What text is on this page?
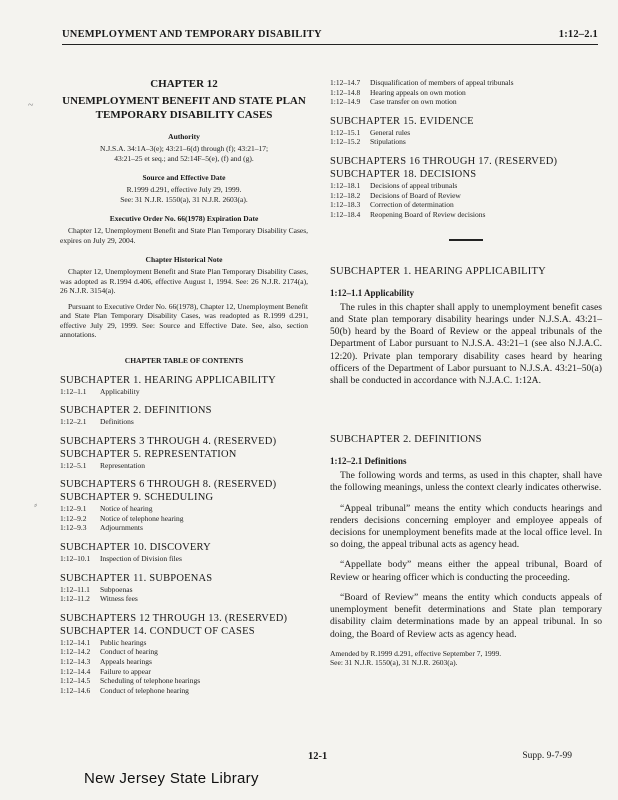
UNEMPLOYMENT AND TEMPORARY DISABILITY	1:12–2.1

CHAPTER 12

UNEMPLOYMENT BENEFIT AND STATE PLAN
TEMPORARY DISABILITY CASES

Authority

N.J.S.A. 34:1A–3(e); 43:21–6(d) through (f); 43:21–17;
43:21–25 et seq.; and 52:14F–5(e), (f) and (g).

Source and Effective Date

R.1999 d.291, effective July 29, 1999.
See: 31 N.J.R. 1550(a), 31 N.J.R. 2603(a).

Executive Order No. 66(1978) Expiration Date

Chapter 12, Unemployment Benefit and State Plan Temporary Disability Cases, expires on July 29, 2004.

Chapter Historical Note

Chapter 12, Unemployment Benefit and State Plan Temporary Disability Cases, was adopted as R.1994 d.406, effective August 1, 1994. See: 26 N.J.R. 2174(a), 26 N.J.R. 3154(a).

Pursuant to Executive Order No. 66(1978), Chapter 12, Unemployment Benefit and State Plan Temporary Disability Cases, was readopted as R.1999 d.291, effective July 29, 1999. See: Source and Effective Date. See, also, section annotations.

CHAPTER TABLE OF CONTENTS

SUBCHAPTER 1. HEARING APPLICABILITY

1:12–1.1	Applicability

SUBCHAPTER 2. DEFINITIONS

1:12–2.1	Definitions

SUBCHAPTERS 3 THROUGH 4. (RESERVED)

SUBCHAPTER 5. REPRESENTATION

1:12–5.1	Representation

SUBCHAPTERS 6 THROUGH 8. (RESERVED)

SUBCHAPTER 9. SCHEDULING

1:12–9.1	Notice of hearing
1:12–9.2	Notice of telephone hearing
1:12–9.3	Adjournments

SUBCHAPTER 10. DISCOVERY

1:12–10.1	Inspection of Division files

SUBCHAPTER 11. SUBPOENAS

1:12–11.1	Subpoenas
1:12–11.2	Witness fees

SUBCHAPTERS 12 THROUGH 13. (RESERVED)

SUBCHAPTER 14. CONDUCT OF CASES

1:12–14.1	Public hearings
1:12–14.2	Conduct of hearing
1:12–14.3	Appeals hearings
1:12–14.4	Failure to appear
1:12–14.5	Scheduling of telephone hearings
1:12–14.6	Conduct of telephone hearing
1:12–14.7	Disqualification of members of appeal tribunals
1:12–14.8	Hearing appeals on own motion
1:12–14.9	Case transfer on own motion

SUBCHAPTER 15. EVIDENCE

1:12–15.1	General rules
1:12–15.2	Stipulations

SUBCHAPTERS 16 THROUGH 17. (RESERVED)

SUBCHAPTER 18. DECISIONS

1:12–18.1	Decisions of appeal tribunals
1:12–18.2	Decisions of Board of Review
1:12–18.3	Correction of determination
1:12–18.4	Reopening Board of Review decisions

SUBCHAPTER 1. HEARING APPLICABILITY

1:12–1.1 Applicability

The rules in this chapter shall apply to unemployment benefit cases and State plan temporary disability hearings under N.J.S.A. 43:21–50(b) heard by the Board of Review or the appeal tribunals of the Department of Labor pursuant to N.J.S.A. 43:21–1 (see also N.J.A.C. 12:20). Private plan temporary disability cases heard by hearing officers of the Department of Labor pursuant to N.J.S.A. 43:21–50(a) shall be conducted in accordance with N.J.A.C. 1:12A.

SUBCHAPTER 2. DEFINITIONS

1:12–2.1 Definitions

The following words and terms, as used in this chapter, shall have the following meanings, unless the context clearly indicates otherwise.

“Appeal tribunal” means the entity which conducts hearings and renders decisions concerning employer and employee appeals of decisions for unemployment benefits made at the local office level. In so doing, the appeal tribunal acts as agency head.

“Appellate body” means either the appeal tribunal, Board of Review or hearing officer which is conducting the proceeding.

“Board of Review” means the entity which conducts appeals of unemployment benefit determinations and State plan temporary disability claim determinations made by an appeal tribunal. In so doing, the Board of Review acts as agency head.

Amended by R.1999 d.291, effective September 7, 1999.
See: 31 N.J.R. 1550(a), 31 N.J.R. 2603(a).

12-1	Supp. 9-7-99
New Jersey State Library
~
⸗
